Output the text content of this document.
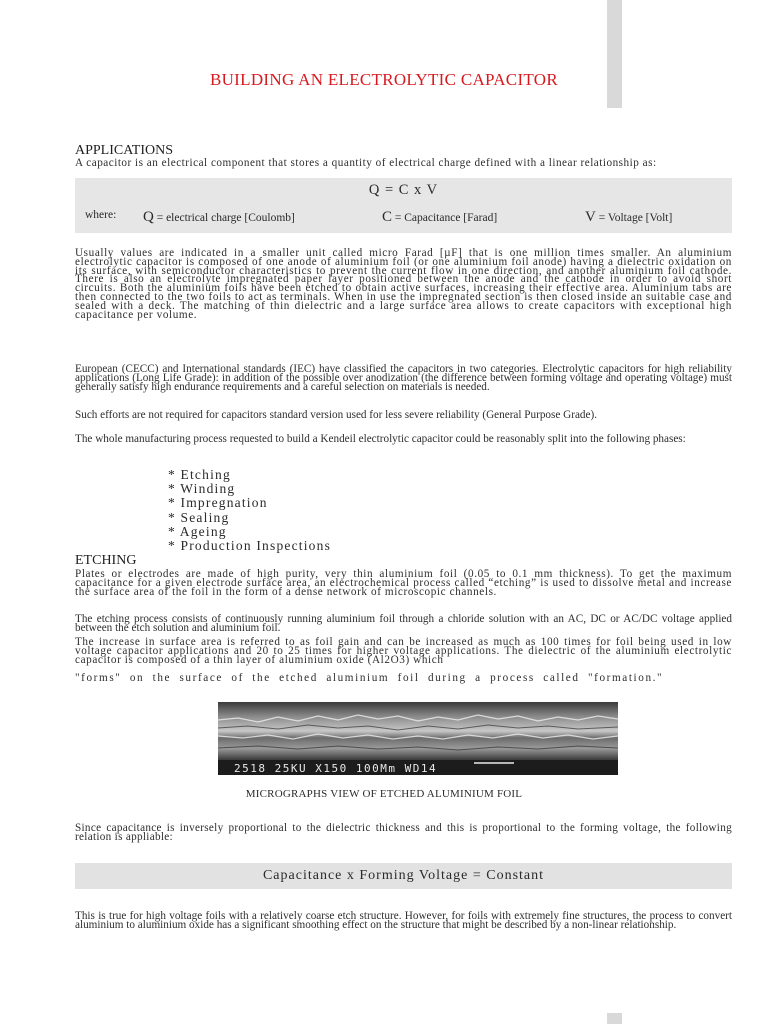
BUILDING AN ELECTROLYTIC CAPACITOR
APPLICATIONS

A capacitor is an electrical component that stores a quantity of electrical charge defined with a linear relationship as:

Q = C x V
where: Q = electrical charge [Coulomb]	C = Capacitance [Farad]	V = Voltage [Volt]

Usually values are indicated in a smaller unit called micro Farad [µF] that is one million times smaller. An aluminium electrolytic capacitor is composed of one anode of aluminium foil (or one aluminium foil anode) having a dielectric oxidation on its surface, with semiconductor characteristics to prevent the current flow in one direction, and another aluminium foil cathode. There is also an electrolyte impregnated paper layer positioned between the anode and the cathode in order to avoid short circuits. Both the aluminium foils have been etched to obtain active surfaces, increasing their effective area. Aluminium tabs are then connected to the two foils to act as terminals. When in use the impregnated section is then closed inside an suitable case and sealed with a deck. The matching of thin dielectric and a large surface area allows to create capacitors with exceptional high capacitance per volume.

European (CECC) and International standards (IEC) have classified the capacitors in two categories. Electrolytic capacitors for high reliability applications (Long Life Grade): in addition of the possible over anodization (the difference between forming voltage and operating voltage) must generally satisfy high endurance requirements and a careful selection on materials is needed.

Such efforts are not required for capacitors standard version used for less severe reliability (General Purpose Grade).

The whole manufacturing process requested to build a Kendeil electrolytic capacitor could be reasonably split into the following phases:

* Etching
* Winding
* Impregnation
* Sealing
* Ageing
* Production Inspections
ETCHING

Plates or electrodes are made of high purity, very thin aluminium foil (0.05 to 0.1 mm thickness). To get the maximum capacitance for a given electrode surface area, an electrochemical process called “etching” is used to dissolve metal and increase the surface area of the foil in the form of a dense network of microscopic channels.

The etching process consists of continuously running aluminium foil through a chloride solution with an AC, DC or AC/DC voltage applied between the etch solution and aluminium foil.

The increase in surface area is referred to as foil gain and can be increased as much as 100 times for foil being used in low voltage capacitor applications and 20 to 25 times for higher voltage applications. The dielectric of the aluminium electrolytic capacitor is composed of a thin layer of aluminium oxide (Al2O3) which

"forms" on the surface of the etched aluminium foil during a process called "formation."

2518 25KU X150 100Mm WD14
MICROGRAPHS VIEW OF ETCHED ALUMINIUM FOIL

Since capacitance is inversely proportional to the dielectric thickness and this is proportional to the forming voltage, the following relation is appliable:

Capacitance x Forming Voltage = Constant

This is true for high voltage foils with a relatively coarse etch structure. However, for foils with extremely fine structures, the process to convert aluminium to aluminium oxide has a significant smoothing effect on the structure that might be described by a non-linear relationship.
